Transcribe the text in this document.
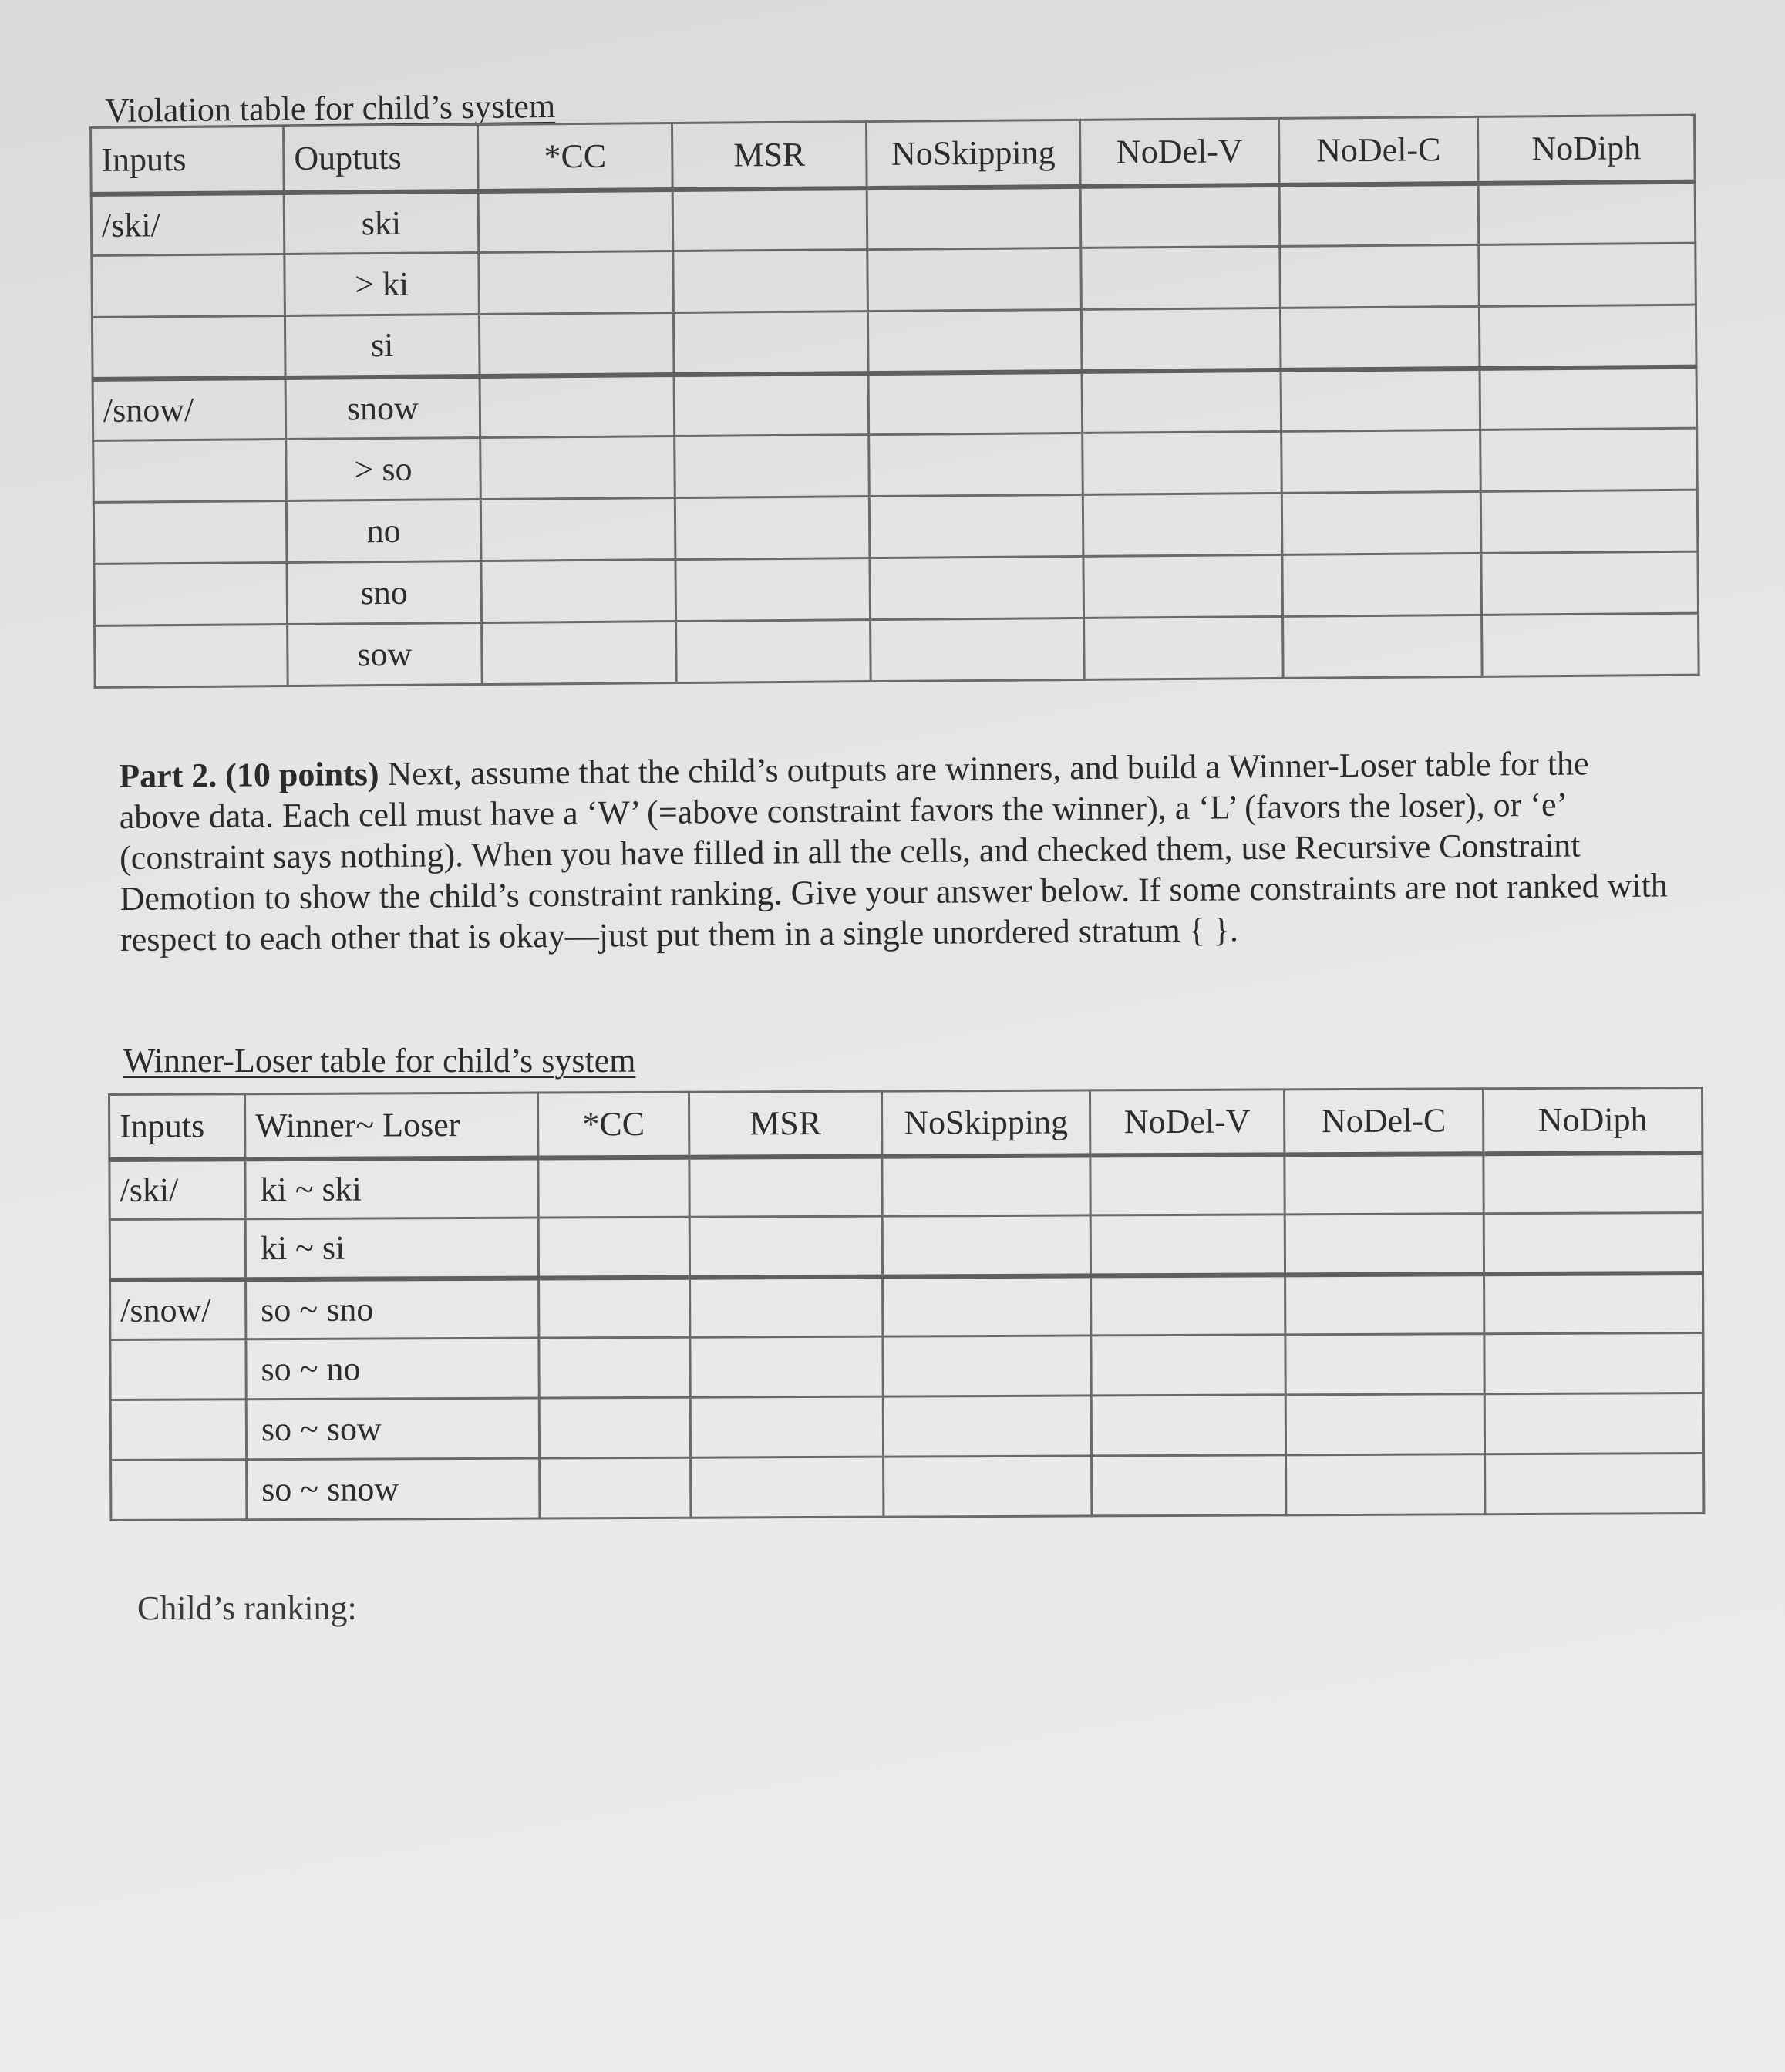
Violation table for child’s system
Inputs	Ouptuts	*CC	MSR	NoSkipping	NoDel-V	NoDel-C	NoDiph
/ski/	ski						
	> ki						
	si						
/snow/	snow						
	> so						
	no						
	sno						
	sow						
Part 2. (10 points) Next, assume that the child’s outputs are winners, and build a Winner-Loser table for the above data. Each cell must have a ‘W’ (=above constraint favors the winner), a ‘L’ (favors the loser), or ‘e’ (constraint says nothing). When you have filled in all the cells, and checked them, use Recursive Constraint Demotion to show the child’s constraint ranking. Give your answer below. If some constraints are not ranked with respect to each other that is okay—just put them in a single unordered stratum { }.
Winner-Loser table for child’s system
Inputs	Winner~ Loser	*CC	MSR	NoSkipping	NoDel-V	NoDel-C	NoDiph
/ski/	ki ~ ski						
	ki ~ si						
/snow/	so ~ sno						
	so ~ no						
	so ~ sow						
	so ~ snow						
Child’s ranking:
